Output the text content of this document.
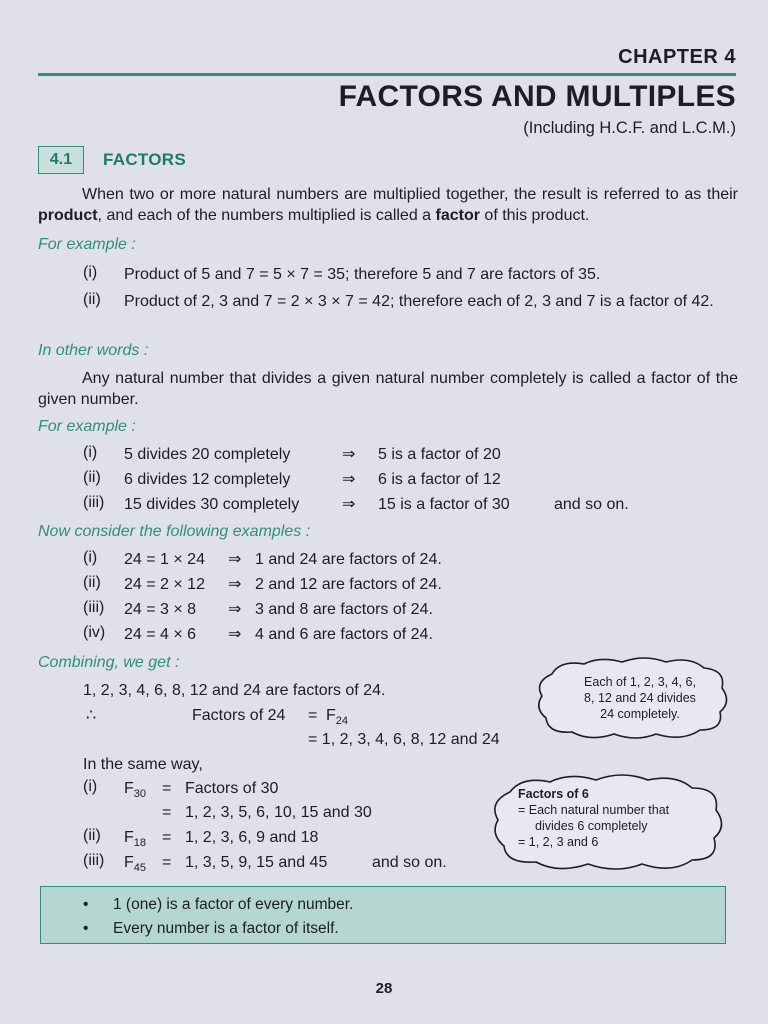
CHAPTER 4
FACTORS AND MULTIPLES
(Including H.C.F. and L.C.M.)
4.1 FACTORS
When two or more natural numbers are multiplied together, the result is referred to as their product, and each of the numbers multiplied is called a factor of this product.
For example :
(i)	Product of 5 and 7 = 5 × 7 = 35; therefore 5 and 7 are factors of 35.
(ii)	Product of 2, 3 and 7 = 2 × 3 × 7 = 42; therefore each of 2, 3 and 7 is a factor of 42.
In other words :
Any natural number that divides a given natural number completely is called a factor of the given number.
For example :
(i)	5 divides 20 completely	⇒ 5 is a factor of 20
(ii)	6 divides 12 completely	⇒ 6 is a factor of 12
(iii)	15 divides 30 completely	⇒ 15 is a factor of 30	and so on.
Now consider the following examples :
(i)	24 = 1 × 24 ⇒ 1 and 24 are factors of 24.
(ii)	24 = 2 × 12 ⇒ 2 and 12 are factors of 24.
(iii)	24 = 3 × 8 ⇒ 3 and 8 are factors of 24.
(iv)	24 = 4 × 6 ⇒ 4 and 6 are factors of 24.
Combining, we get :
1, 2, 3, 4, 6, 8, 12 and 24 are factors of 24.
∴	Factors of $24 = F_{24}$
= 1, 2, 3, 4, 6, 8, 12 and 24
In the same way,
(i)	$F_{30}$ = Factors of 30
= 1, 2, 3, 5, 6, 10, 15 and 30
(ii)	$F_{18} = 1$, 2, 3, 6, 9 and 18
(iii)	$F_{45} = 1$, 3, 5, 9, 15 and 45	and so on.
Each of 1, 2, 3, 4, 6,
8, 12 and 24 divides
24 completely.
Factors of 6
= Each natural number that
divides 6 completely
= 1, 2, 3 and 6
• 1 (one) is a factor of every number.
• Every number is a factor of itself.
28
